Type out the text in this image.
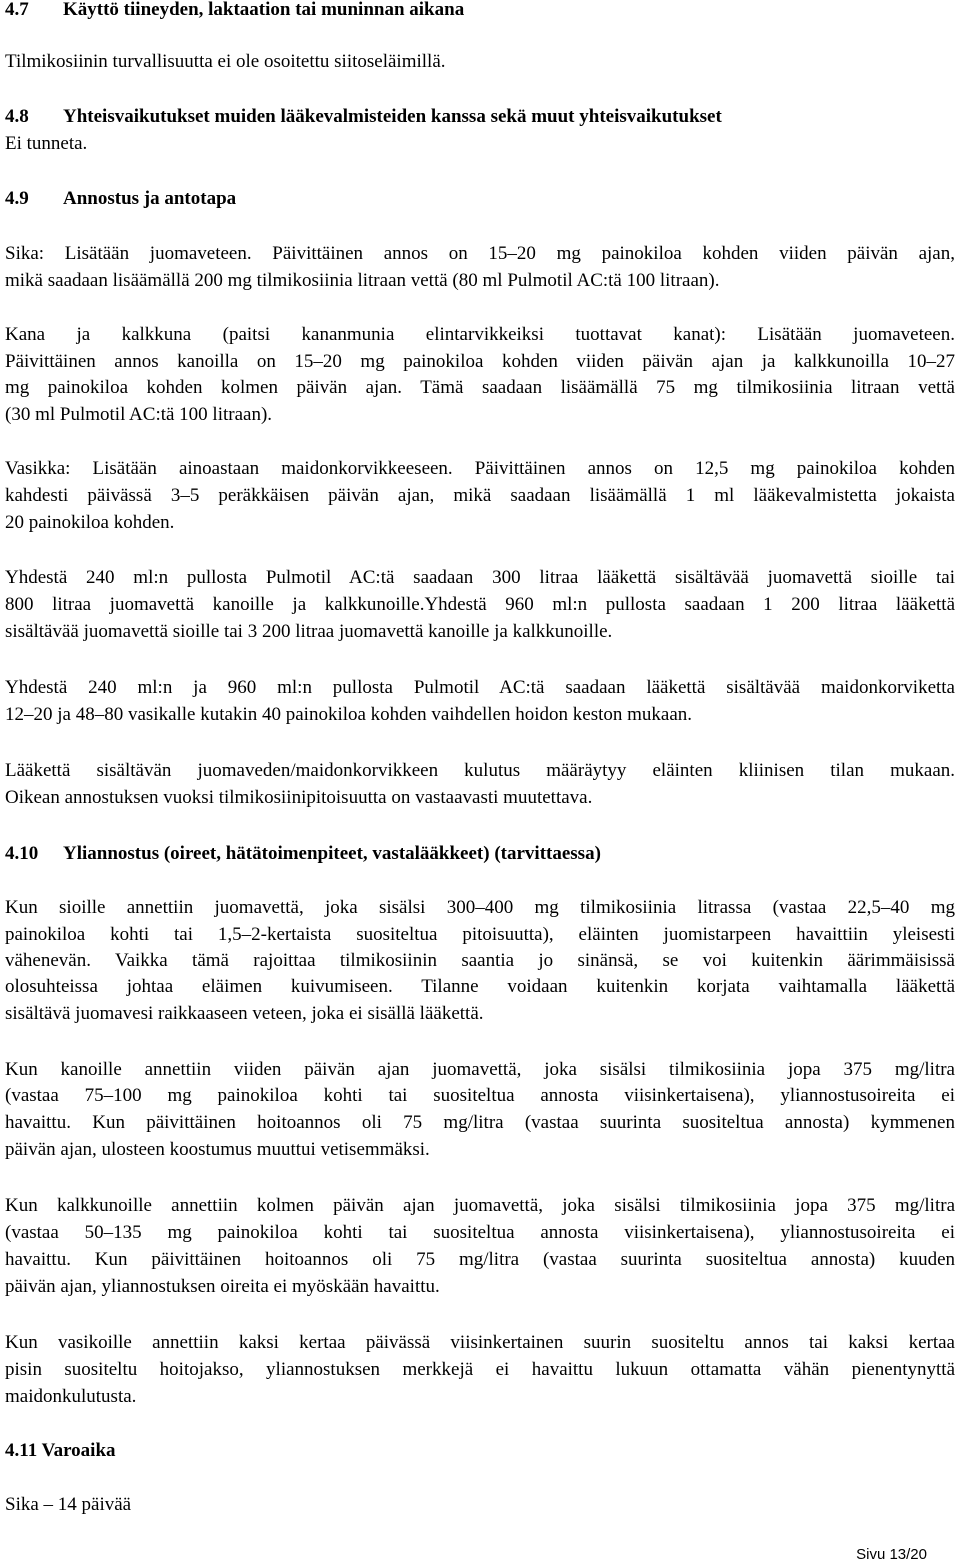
4.7 Käyttö tiineyden, laktaation tai muninnan aikana
Tilmikosiinin turvallisuutta ei ole osoitettu siitoseläimillä.
4.8 Yhteisvaikutukset muiden lääkevalmisteiden kanssa sekä muut yhteisvaikutukset
Ei tunneta.
4.9 Annostus ja antotapa
Sika: Lisätään juomaveteen. Päivittäinen annos on 15–20 mg painokiloa kohden viiden päivän ajan,
mikä saadaan lisäämällä 200 mg tilmikosiinia litraan vettä (80 ml Pulmotil AC:tä 100 litraan).
Kana ja kalkkuna (paitsi kananmunia elintarvikkeiksi tuottavat kanat): Lisätään juomaveteen.
Päivittäinen annos kanoilla on 15–20 mg painokiloa kohden viiden päivän ajan ja kalkkunoilla 10–27
mg painokiloa kohden kolmen päivän ajan. Tämä saadaan lisäämällä 75 mg tilmikosiinia litraan vettä
(30 ml Pulmotil AC:tä 100 litraan).
Vasikka: Lisätään ainoastaan maidonkorvikkeeseen. Päivittäinen annos on 12,5 mg painokiloa kohden
kahdesti päivässä 3–5 peräkkäisen päivän ajan, mikä saadaan lisäämällä 1 ml lääkevalmistetta jokaista
20 painokiloa kohden.
Yhdestä 240 ml:n pullosta Pulmotil AC:tä saadaan 300 litraa lääkettä sisältävää juomavettä sioille tai
800 litraa juomavettä kanoille ja kalkkunoille.Yhdestä 960 ml:n pullosta saadaan 1 200 litraa lääkettä
sisältävää juomavettä sioille tai 3 200 litraa juomavettä kanoille ja kalkkunoille.
Yhdestä 240 ml:n ja 960 ml:n pullosta Pulmotil AC:tä saadaan lääkettä sisältävää maidonkorviketta
12–20 ja 48–80 vasikalle kutakin 40 painokiloa kohden vaihdellen hoidon keston mukaan.
Lääkettä sisältävän juomaveden/maidonkorvikkeen kulutus määräytyy eläinten kliinisen tilan mukaan.
Oikean annostuksen vuoksi tilmikosiinipitoisuutta on vastaavasti muutettava.
4.10 Yliannostus (oireet, hätätoimenpiteet, vastalääkkeet) (tarvittaessa)
Kun sioille annettiin juomavettä, joka sisälsi 300–400 mg tilmikosiinia litrassa (vastaa 22,5–40 mg
painokiloa kohti tai 1,5–2-kertaista suositeltua pitoisuutta), eläinten juomistarpeen havaittiin yleisesti
vähenevän. Vaikka tämä rajoittaa tilmikosiinin saantia jo sinänsä, se voi kuitenkin äärimmäisissä
olosuhteissa johtaa eläimen kuivumiseen. Tilanne voidaan kuitenkin korjata vaihtamalla lääkettä
sisältävä juomavesi raikkaaseen veteen, joka ei sisällä lääkettä.
Kun kanoille annettiin viiden päivän ajan juomavettä, joka sisälsi tilmikosiinia jopa 375 mg/litra
(vastaa 75–100 mg painokiloa kohti tai suositeltua annosta viisinkertaisena), yliannostusoireita ei
havaittu. Kun päivittäinen hoitoannos oli 75 mg/litra (vastaa suurinta suositeltua annosta) kymmenen
päivän ajan, ulosteen koostumus muuttui vetisemmäksi.
Kun kalkkunoille annettiin kolmen päivän ajan juomavettä, joka sisälsi tilmikosiinia jopa 375 mg/litra
(vastaa 50–135 mg painokiloa kohti tai suositeltua annosta viisinkertaisena), yliannostusoireita ei
havaittu. Kun päivittäinen hoitoannos oli 75 mg/litra (vastaa suurinta suositeltua annosta) kuuden
päivän ajan, yliannostuksen oireita ei myöskään havaittu.
Kun vasikoille annettiin kaksi kertaa päivässä viisinkertainen suurin suositeltu annos tai kaksi kertaa
pisin suositeltu hoitojakso, yliannostuksen merkkejä ei havaittu lukuun ottamatta vähän pienentynyttä
maidonkulutusta.
4.11 Varoaika
Sika – 14 päivää
Sivu 13/20
